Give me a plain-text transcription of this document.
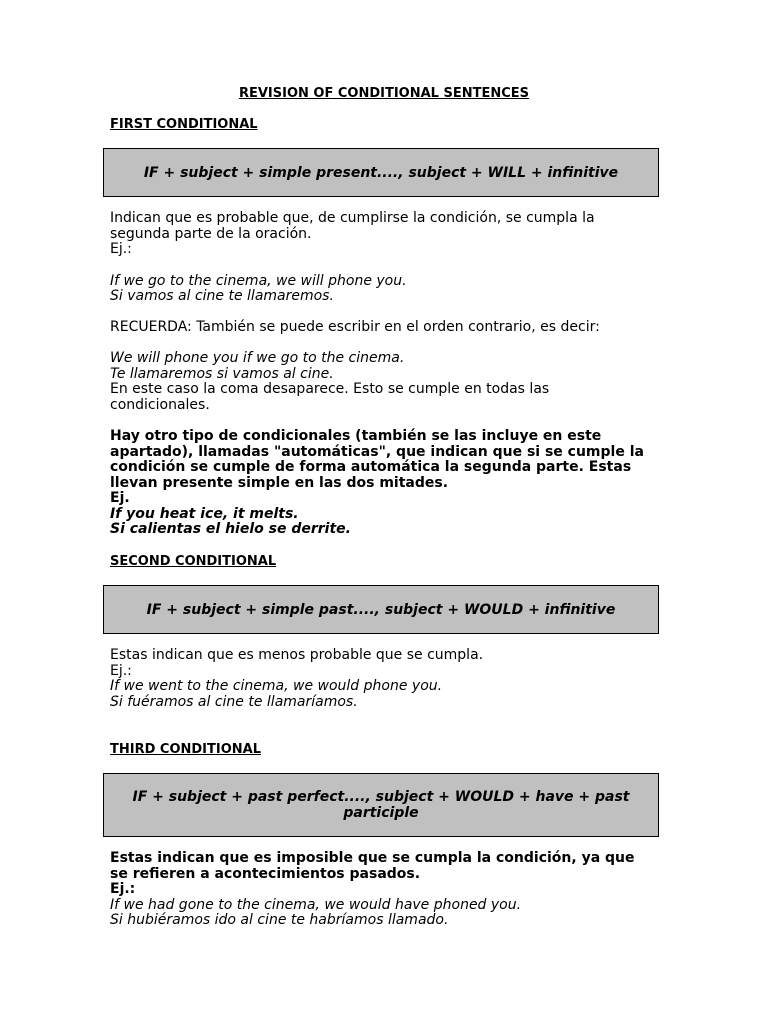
REVISION OF CONDITIONAL SENTENCES

FIRST CONDITIONAL

IF + subject + simple present...., subject + WILL + infinitive

Indican que es probable que, de cumplirse la condición, se cumpla la

segunda parte de la oración.

Ej.:

If we go to the cinema, we will phone you.

Si vamos al cine te llamaremos.

RECUERDA: También se puede escribir en el orden contrario, es decir:

We will phone you if we go to the cinema.

Te llamaremos si vamos al cine.

En este caso la coma desaparece. Esto se cumple en todas las

condicionales.

Hay otro tipo de condicionales (también se las incluye en este

apartado), llamadas "automáticas", que indican que si se cumple la

condición se cumple de forma automática la segunda parte. Estas

llevan presente simple en las dos mitades.

Ej.

If you heat ice, it melts.

Si calientas el hielo se derrite.

SECOND CONDITIONAL

IF + subject + simple past...., subject + WOULD + infinitive

Estas indican que es menos probable que se cumpla.

Ej.:

If we went to the cinema, we would phone you.

Si fuéramos al cine te llamaríamos.

THIRD CONDITIONAL

IF + subject + past perfect...., subject + WOULD + have + past
participle

Estas indican que es imposible que se cumpla la condición, ya que

se refieren a acontecimientos pasados.

Ej.:

If we had gone to the cinema, we would have phoned you.

Si hubiéramos ido al cine te habríamos llamado.
